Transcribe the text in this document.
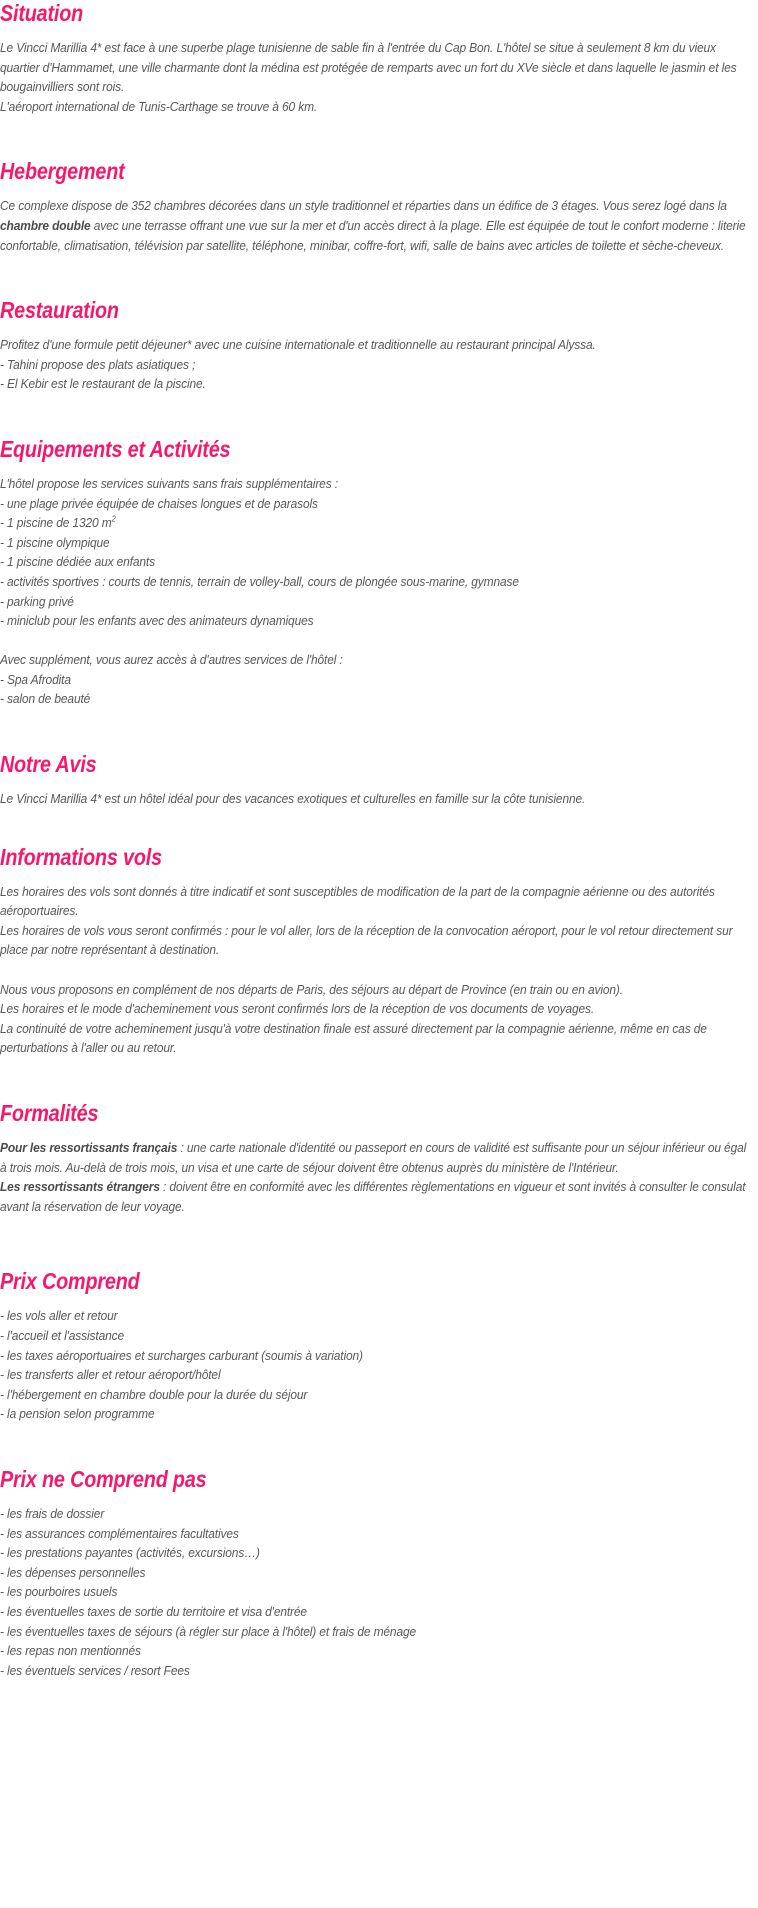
Situation

Le Vincci Marillia 4* est face à une superbe plage tunisienne de sable fin à l'entrée du Cap Bon. L'hôtel se situe à seulement 8 km du vieux quartier d'Hammamet, une ville charmante dont la médina est protégée de remparts avec un fort du XVe siècle et dans laquelle le jasmin et les bougainvilliers sont rois.

L'aéroport international de Tunis-Carthage se trouve à 60 km.

Hebergement

Ce complexe dispose de 352 chambres décorées dans un style traditionnel et réparties dans un édifice de 3 étages. Vous serez logé dans la chambre double avec une terrasse offrant une vue sur la mer et d'un accès direct à la plage. Elle est équipée de tout le confort moderne : literie confortable, climatisation, télévision par satellite, téléphone, minibar, coffre-fort, wifi, salle de bains avec articles de toilette et sèche-cheveux.

Restauration

Profitez d'une formule petit déjeuner* avec une cuisine internationale et traditionnelle au restaurant principal Alyssa.

- Tahini propose des plats asiatiques ;

- El Kebir est le restaurant de la piscine.

Equipements et Activités

L'hôtel propose les services suivants sans frais supplémentaires :

- une plage privée équipée de chaises longues et de parasols

- 1 piscine de 1320 $m^2$

- 1 piscine olympique

- 1 piscine dédiée aux enfants

- activités sportives : courts de tennis, terrain de volley-ball, cours de plongée sous-marine, gymnase

- parking privé

- miniclub pour les enfants avec des animateurs dynamiques

Avec supplément, vous aurez accès à d'autres services de l'hôtel :

- Spa Afrodita

- salon de beauté

Notre Avis

Le Vincci Marillia 4* est un hôtel idéal pour des vacances exotiques et culturelles en famille sur la côte tunisienne.

Informations vols

Les horaires des vols sont donnés à titre indicatif et sont susceptibles de modification de la part de la compagnie aérienne ou des autorités aéroportuaires.

Les horaires de vols vous seront confirmés : pour le vol aller, lors de la réception de la convocation aéroport, pour le vol retour directement sur place par notre représentant à destination.

Nous vous proposons en complément de nos départs de Paris, des séjours au départ de Province (en train ou en avion).

Les horaires et le mode d'acheminement vous seront confirmés lors de la réception de vos documents de voyages.

La continuité de votre acheminement jusqu'à votre destination finale est assuré directement par la compagnie aérienne, même en cas de perturbations à l'aller ou au retour.

Formalités

Pour les ressortissants français : une carte nationale d'identité ou passeport en cours de validité est suffisante pour un séjour inférieur ou égal à trois mois. Au-delà de trois mois, un visa et une carte de séjour doivent être obtenus auprès du ministère de l'Intérieur.

Les ressortissants étrangers : doivent être en conformité avec les différentes règlementations en vigueur et sont invités à consulter le consulat avant la réservation de leur voyage.

Prix Comprend

- les vols aller et retour

- l'accueil et l'assistance

- les taxes aéroportuaires et surcharges carburant (soumis à variation)

- les transferts aller et retour aéroport/hôtel

- l'hébergement en chambre double pour la durée du séjour

- la pension selon programme

Prix ne Comprend pas

- les frais de dossier

- les assurances complémentaires facultatives

- les prestations payantes (activités, excursions…)

- les dépenses personnelles

- les pourboires usuels

- les éventuelles taxes de sortie du territoire et visa d'entrée

- les éventuelles taxes de séjours (à régler sur place à l'hôtel) et frais de ménage

- les repas non mentionnés

- les éventuels services / resort Fees
